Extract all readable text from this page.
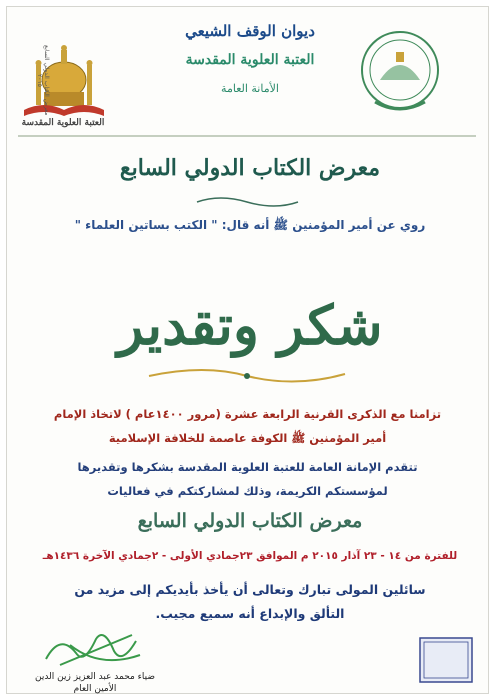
معرض الكتاب الدولي السابع ٢٠١٥
العتبة العلوية المقدسة
ديوان الوقف الشيعي
العتبة العلوية المقدسة
الأمانة العامة
معرض الكتاب الدولي السابع
روي عن أمير المؤمنين ﷺ أنه قال: " الكتب بساتين العلماء "
شكر وتقدير
تزامنا مع الذكرى القرنية الرابعة عشرة (مرور ١٤٠٠عام ) لاتخاذ الإمام
أمير المؤمنين ﷺ الكوفة عاصمة للخلافة الإسلامية
تتقدم الإمانة العامة للعتبة العلوية المقدسة بشكرها وتقديرها
لمؤسستكم الكريمة، وذلك لمشاركتكم في فعاليات
معرض الكتاب الدولي السابع
للفترة من ١٤ - ٢٣ آذار ٢٠١٥ م الموافق ٢٣جمادي الأولى - ٢جمادي الآخرة ١٤٣٦هـ
سائلين المولى تبارك وتعالى أن يأخذ بأيديكم إلى مزيد من
التألق والإبداع أنه سميع مجيب.
ضياء محمد عبد العزيز زين الدين
الأمين العام
